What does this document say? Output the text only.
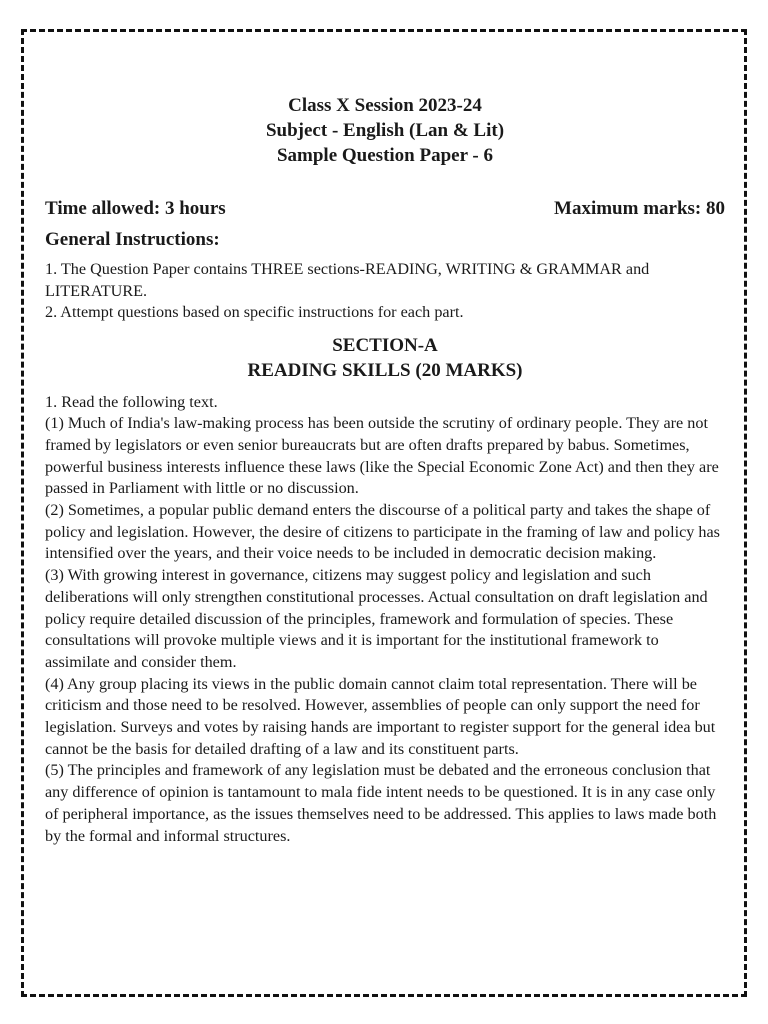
Class X Session 2023-24
Subject - English (Lan & Lit)
Sample Question Paper - 6
Time allowed: 3 hours	Maximum marks: 80
General Instructions:

1. The Question Paper contains THREE sections-READING, WRITING & GRAMMAR and LITERATURE.

2. Attempt questions based on specific instructions for each part.

SECTION-A
READING SKILLS (20 MARKS)

1. Read the following text.

(1) Much of India's law-making process has been outside the scrutiny of ordinary people. They are not framed by legislators or even senior bureaucrats but are often drafts prepared by babus. Sometimes, powerful business interests influence these laws (like the Special Economic Zone Act) and then they are passed in Parliament with little or no discussion.

(2) Sometimes, a popular public demand enters the discourse of a political party and takes the shape of policy and legislation. However, the desire of citizens to participate in the framing of law and policy has intensified over the years, and their voice needs to be included in democratic decision making.

(3) With growing interest in governance, citizens may suggest policy and legislation and such deliberations will only strengthen constitutional processes. Actual consultation on draft legislation and policy require detailed discussion of the principles, framework and formulation of species. These consultations will provoke multiple views and it is important for the institutional framework to assimilate and consider them.

(4) Any group placing its views in the public domain cannot claim total representation. There will be criticism and those need to be resolved. However, assemblies of people can only support the need for legislation. Surveys and votes by raising hands are important to register support for the general idea but cannot be the basis for detailed drafting of a law and its constituent parts.

(5) The principles and framework of any legislation must be debated and the erroneous conclusion that any difference of opinion is tantamount to mala fide intent needs to be questioned. It is in any case only of peripheral importance, as the issues themselves need to be addressed. This applies to laws made both by the formal and informal structures.
